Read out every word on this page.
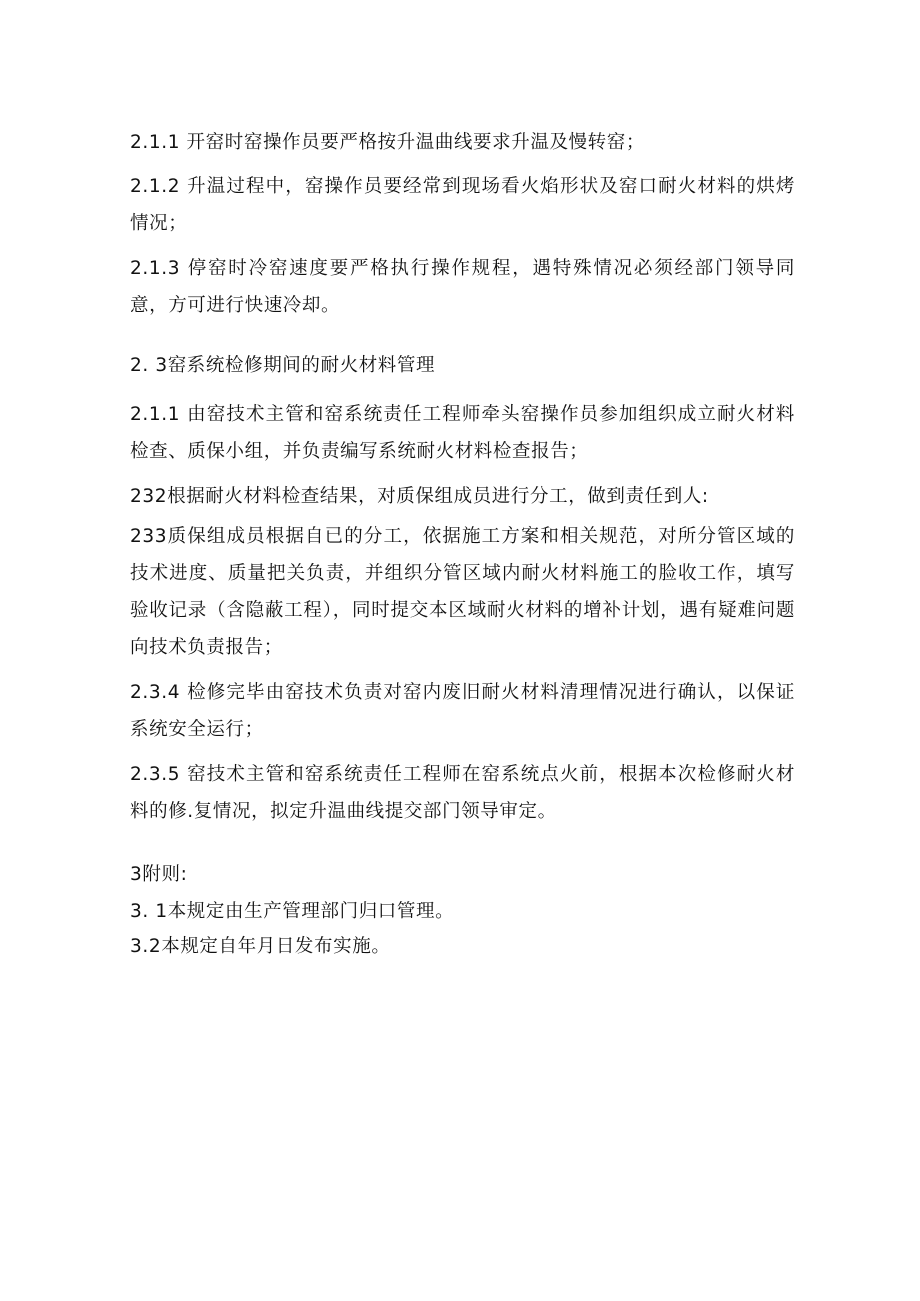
2.1.1 开窑时窑操作员要严格按升温曲线要求升温及慢转窑；

2.1.2 升温过程中，窑操作员要经常到现场看火焰形状及窑口耐火材料的烘烤情况；

2.1.3 停窑时冷窑速度要严格执行操作规程，遇特殊情况必须经部门领导同意，方可进行快速冷却。

2. 3窑系统检修期间的耐火材料管理

2.1.1 由窑技术主管和窑系统责任工程师牵头窑操作员参加组织成立耐火材料检查、质保小组，并负责编写系统耐火材料检查报告；

232根据耐火材料检查结果，对质保组成员进行分工，做到责任到人:

233质保组成员根据自已的分工，依据施工方案和相关规范，对所分管区域的技术进度、质量把关负责，并组织分管区域内耐火材料施工的脸收工作，填写验收记录（含隐蔽工程），同时提交本区域耐火材料的增补计划，遇有疑难问题向技术负责报告；

2.3.4 检修完毕由窑技术负责对窑内废旧耐火材料清理情况进行确认，以保证系统安全运行；

2.3.5 窑技术主管和窑系统责任工程师在窑系统点火前，根据本次检修耐火材料的修.复情况，拟定升温曲线提交部门领导审定。

3附则:

3. 1本规定由生产管理部门归口管理。

3.2本规定自年月日发布实施。
